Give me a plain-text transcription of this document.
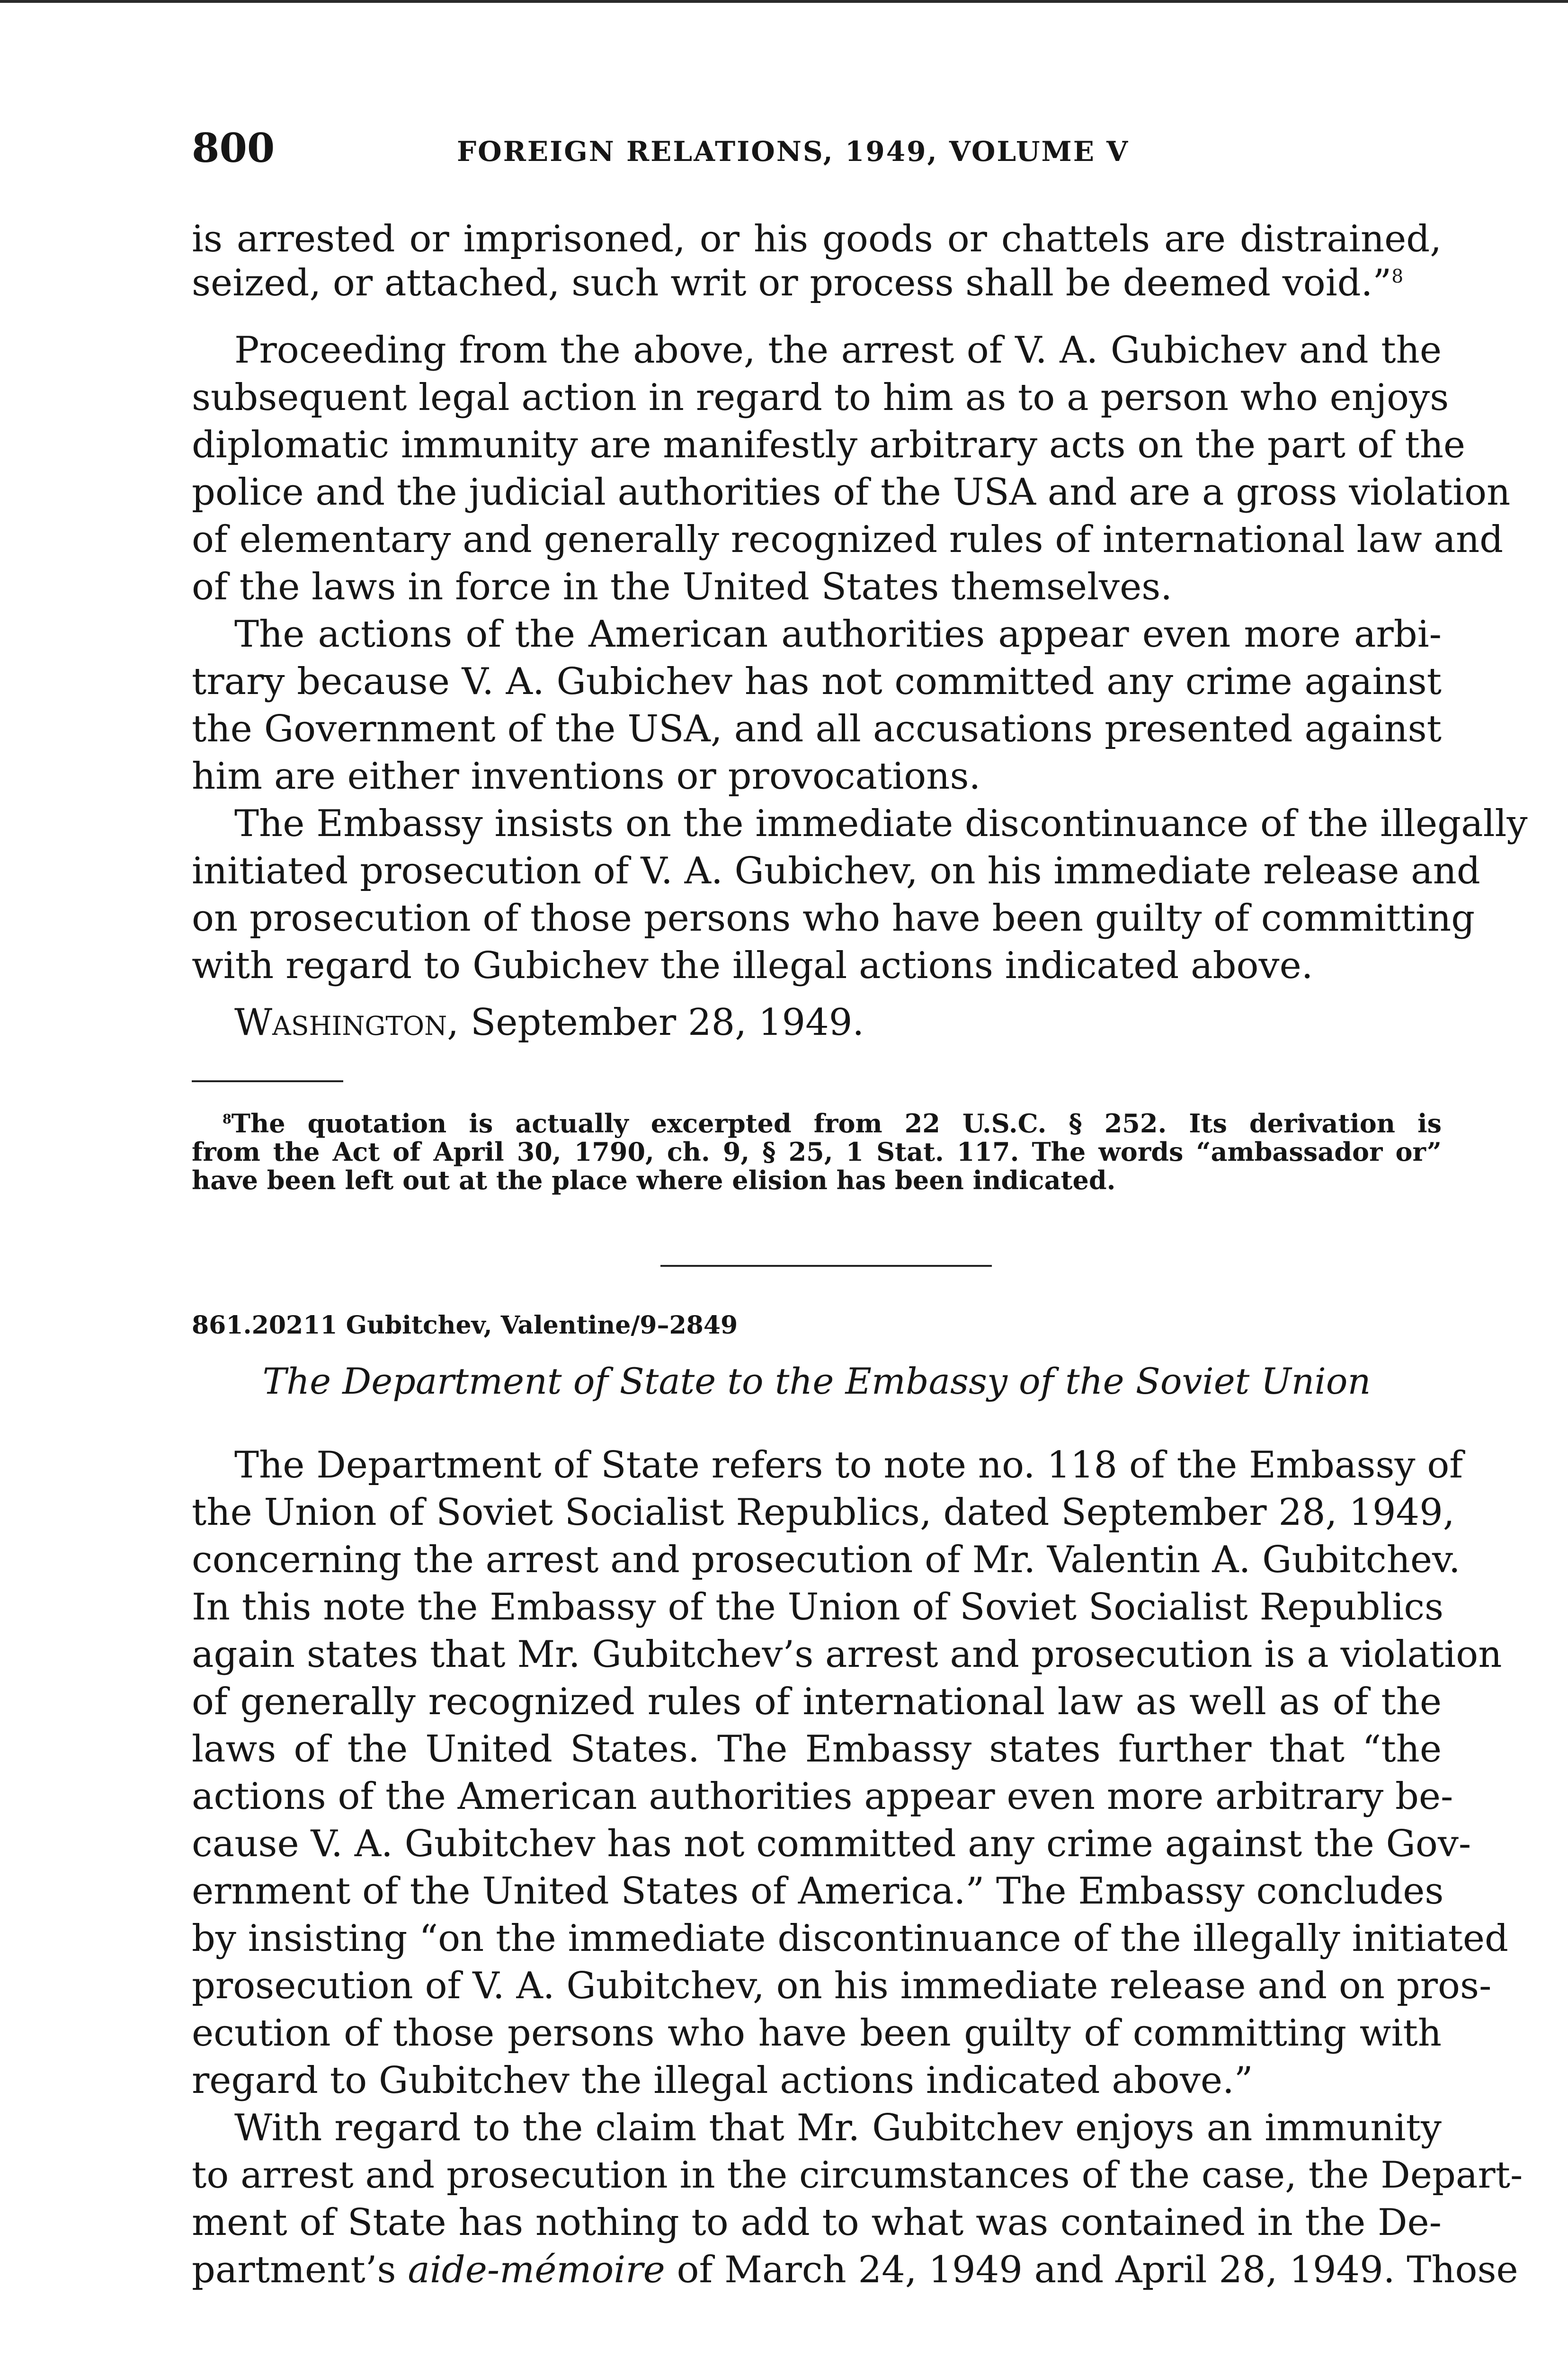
800	FOREIGN RELATIONS, 1949, VOLUME V
is arrested or imprisoned, or his goods or chattels are distrained,
seized, or attached, such writ or process shall be deemed void.”$^8$
Proceeding from the above, the arrest of V. A. Gubichev and the
subsequent legal action in regard to him as to a person who enjoys
diplomatic immunity are manifestly arbitrary acts on the part of the
police and the judicial authorities of the USA and are a gross violation
of elementary and generally recognized rules of international law and
of the laws in force in the United States themselves.
The actions of the American authorities appear even more arbi-
trary because V. A. Gubichev has not committed any crime against
the Government of the USA, and all accusations presented against
him are either inventions or provocations.
The Embassy insists on the immediate discontinuance of the illegally
initiated prosecution of V. A. Gubichev, on his immediate release and
on prosecution of those persons who have been guilty of committing
with regard to Gubichev the illegal actions indicated above.
Washington, September 28, 1949.
$^8$The quotation is actually excerpted from 22 U.S.C. § 252. Its derivation is
from the Act of April 30, 1790, ch. 9, § 25, 1 Stat. 117. The words “ambassador or”
have been left out at the place where elision has been indicated.
861.20211 Gubitchev, Valentine/9–2849
The Department of State to the Embassy of the Soviet Union
The Department of State refers to note no. 118 of the Embassy of
the Union of Soviet Socialist Republics, dated September 28, 1949,
concerning the arrest and prosecution of Mr. Valentin A. Gubitchev.
In this note the Embassy of the Union of Soviet Socialist Republics
again states that Mr. Gubitchev’s arrest and prosecution is a violation
of generally recognized rules of international law as well as of the
laws of the United States. The Embassy states further that “the
actions of the American authorities appear even more arbitrary be-
cause V. A. Gubitchev has not committed any crime against the Gov-
ernment of the United States of America.” The Embassy concludes
by insisting “on the immediate discontinuance of the illegally initiated
prosecution of V. A. Gubitchev, on his immediate release and on pros-
ecution of those persons who have been guilty of committing with
regard to Gubitchev the illegal actions indicated above.”
With regard to the claim that Mr. Gubitchev enjoys an immunity
to arrest and prosecution in the circumstances of the case, the Depart-
ment of State has nothing to add to what was contained in the De-
partment’s aide-mémoire of March 24, 1949 and April 28, 1949. Those
